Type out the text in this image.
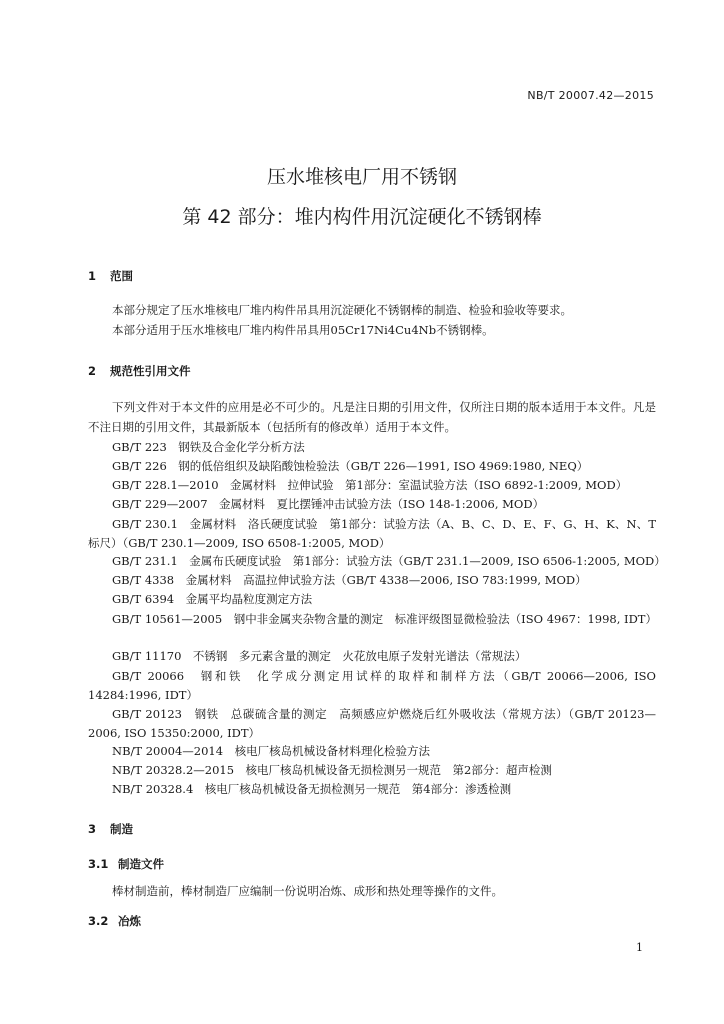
NB/T 20007.42—2015
压水堆核电厂用不锈钢
第 42 部分：堆内构件用沉淀硬化不锈钢棒
1 范围
本部分规定了压水堆核电厂堆内构件吊具用沉淀硬化不锈钢棒的制造、检验和验收等要求。
本部分适用于压水堆核电厂堆内构件吊具用05Cr17Ni4Cu4Nb不锈钢棒。
2 规范性引用文件
下列文件对于本文件的应用是必不可少的。凡是注日期的引用文件，仅所注日期的版本适用于本文件。凡是不注日期的引用文件，其最新版本（包括所有的修改单）适用于本文件。
GB/T 223　钢铁及合金化学分析方法
GB/T 226　钢的低倍组织及缺陷酸蚀检验法（GB/T 226—1991, ISO 4969:1980, NEQ）
GB/T 228.1—2010　金属材料　拉伸试验　第1部分：室温试验方法（ISO 6892-1:2009, MOD）
GB/T 229—2007　金属材料　夏比摆锤冲击试验方法（ISO 148-1:2006, MOD）
GB/T 230.1　金属材料　洛氏硬度试验　第1部分：试验方法（A、B、C、D、E、F、G、H、K、N、T标尺）（GB/T 230.1—2009, ISO 6508-1:2005, MOD）
GB/T 231.1　金属布氏硬度试验　第1部分：试验方法（GB/T 231.1—2009, ISO 6506-1:2005, MOD）
GB/T 4338　金属材料　高温拉伸试验方法（GB/T 4338—2006, ISO 783:1999, MOD）
GB/T 6394　金属平均晶粒度测定方法
GB/T 10561—2005　钢中非金属夹杂物含量的测定　标准评级图显微检验法（ISO 4967：1998, IDT）
GB/T 11170　不锈钢　多元素含量的测定　火花放电原子发射光谱法（常规法）
GB/T 20066　钢和铁　化学成分测定用试样的取样和制样方法（GB/T 20066—2006, ISO 14284:1996, IDT）
GB/T 20123　钢铁　总碳硫含量的测定　高频感应炉燃烧后红外吸收法（常规方法）（GB/T 20123—2006, ISO 15350:2000, IDT）
NB/T 20004—2014　核电厂核岛机械设备材料理化检验方法
NB/T 20328.2—2015　核电厂核岛机械设备无损检测另一规范　第2部分：超声检测
NB/T 20328.4　核电厂核岛机械设备无损检测另一规范　第4部分：渗透检测
3 制造
3.1 制造文件
棒材制造前，棒材制造厂应编制一份说明冶炼、成形和热处理等操作的文件。
3.2 冶炼
1
